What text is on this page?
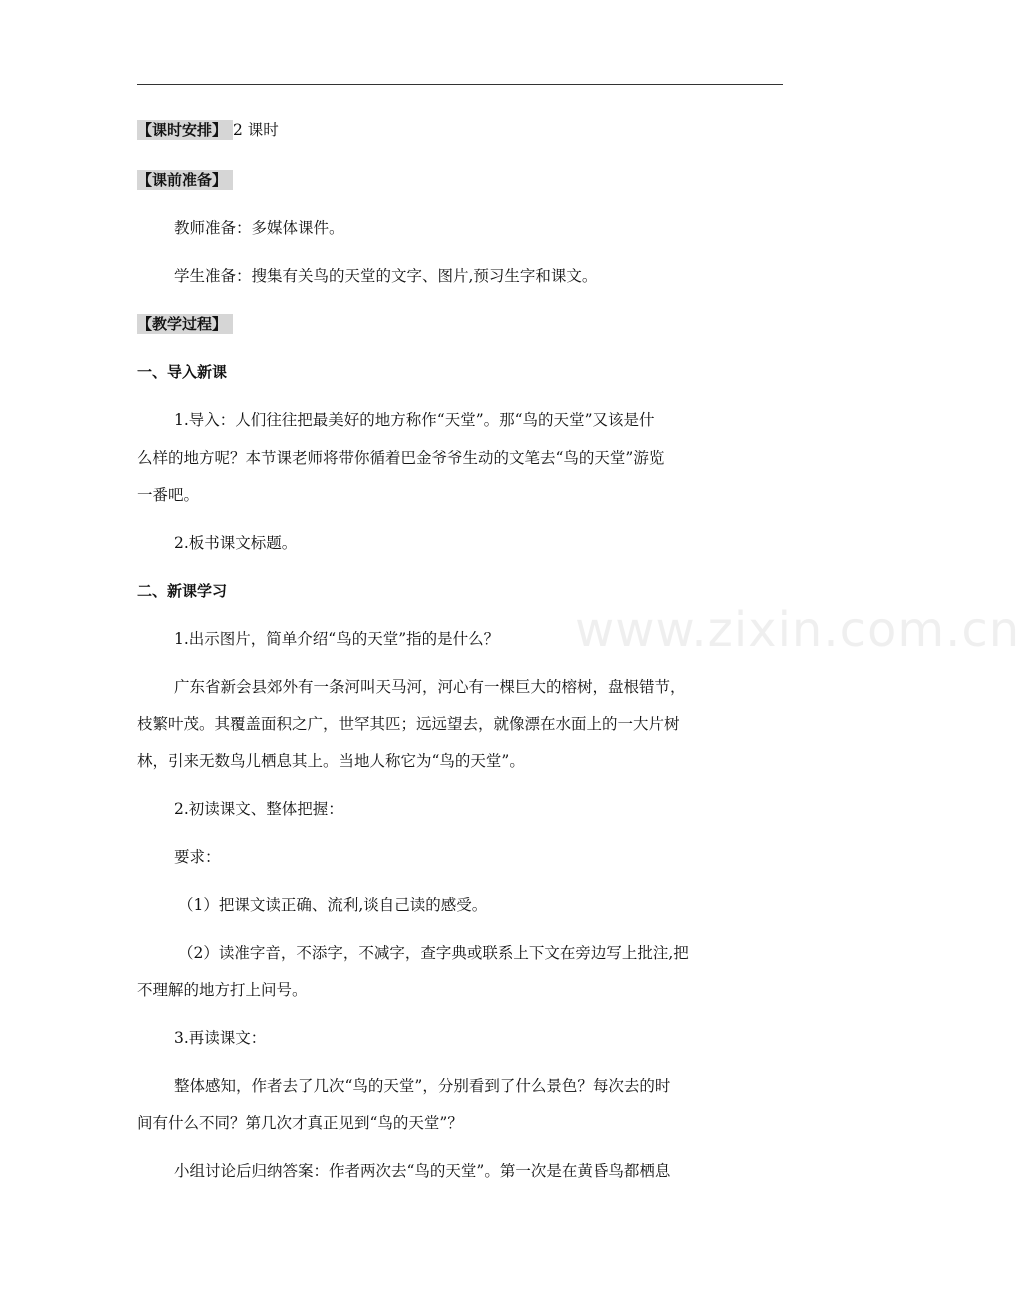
www.zixin.com.cn
【课时安排】 2 课时
【课前准备】
教师准备：多媒体课件。
学生准备：搜集有关鸟的天堂的文字、图片,预习生字和课文。
【教学过程】
一、导入新课
1.导入：人们往往把最美好的地方称作“天堂”。那“鸟的天堂”又该是什
么样的地方呢？本节课老师将带你循着巴金爷爷生动的文笔去“鸟的天堂”游览
一番吧。
2.板书课文标题。
二、新课学习
1.出示图片，简单介绍“鸟的天堂”指的是什么？
广东省新会县郊外有一条河叫天马河，河心有一棵巨大的榕树，盘根错节，
枝繁叶茂。其覆盖面积之广，世罕其匹；远远望去，就像漂在水面上的一大片树
林，引来无数鸟儿栖息其上。当地人称它为“鸟的天堂”。
2.初读课文、整体把握：
要求：
（1）把课文读正确、流利,谈自己读的感受。
（2）读准字音，不添字，不减字，查字典或联系上下文在旁边写上批注,把
不理解的地方打上问号。
3.再读课文：
整体感知，作者去了几次“鸟的天堂”，分别看到了什么景色？每次去的时
间有什么不同？第几次才真正见到“鸟的天堂”？
小组讨论后归纳答案：作者两次去“鸟的天堂”。第一次是在黄昏鸟都栖息
